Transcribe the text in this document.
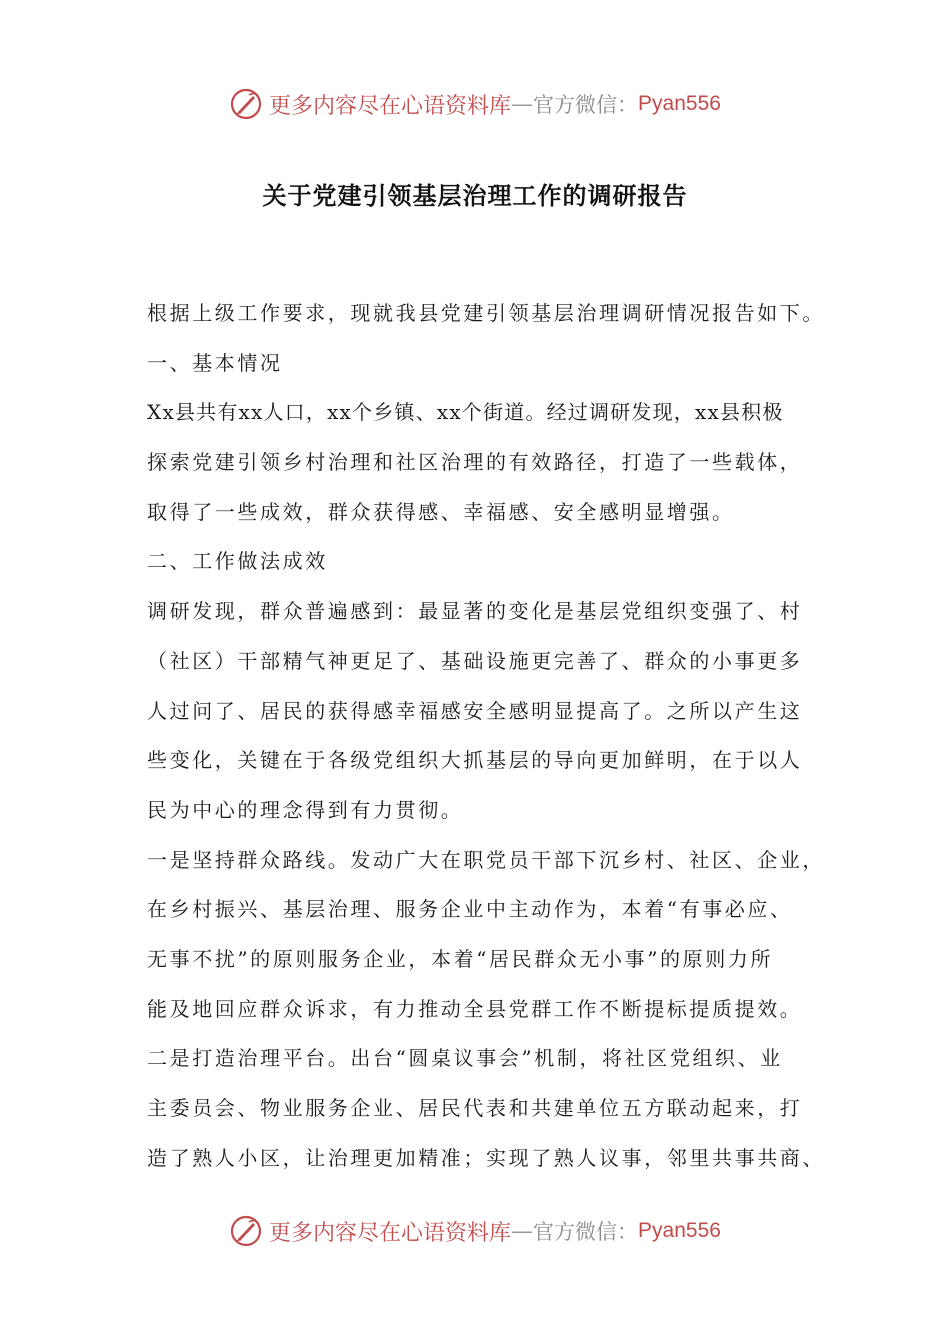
更多内容尽在心语资料库 — 官方微信： Pyan556
关于党建引领基层治理工作的调研报告
根据上级工作要求，现就我县党建引领基层治理调研情况报告如下。
一、基本情况
Xx县共有xx人口，xx个乡镇、xx个街道。经过调研发现，xx县积极
探索党建引领乡村治理和社区治理的有效路径，打造了一些载体，
取得了一些成效，群众获得感、幸福感、安全感明显增强。
二、工作做法成效
调研发现，群众普遍感到：最显著的变化是基层党组织变强了、村
（社区）干部精气神更足了、基础设施更完善了、群众的小事更多
人过问了、居民的获得感幸福感安全感明显提高了。之所以产生这
些变化，关键在于各级党组织大抓基层的导向更加鲜明，在于以人
民为中心的理念得到有力贯彻。
一是坚持群众路线。发动广大在职党员干部下沉乡村、社区、企业，
在乡村振兴、基层治理、服务企业中主动作为，本着“有事必应、
无事不扰”的原则服务企业，本着“居民群众无小事”的原则力所
能及地回应群众诉求，有力推动全县党群工作不断提标提质提效。
二是打造治理平台。出台“圆桌议事会”机制，将社区党组织、业
主委员会、物业服务企业、居民代表和共建单位五方联动起来，打
造了熟人小区，让治理更加精准；实现了熟人议事，邻里共事共商、
更多内容尽在心语资料库 — 官方微信： Pyan556
